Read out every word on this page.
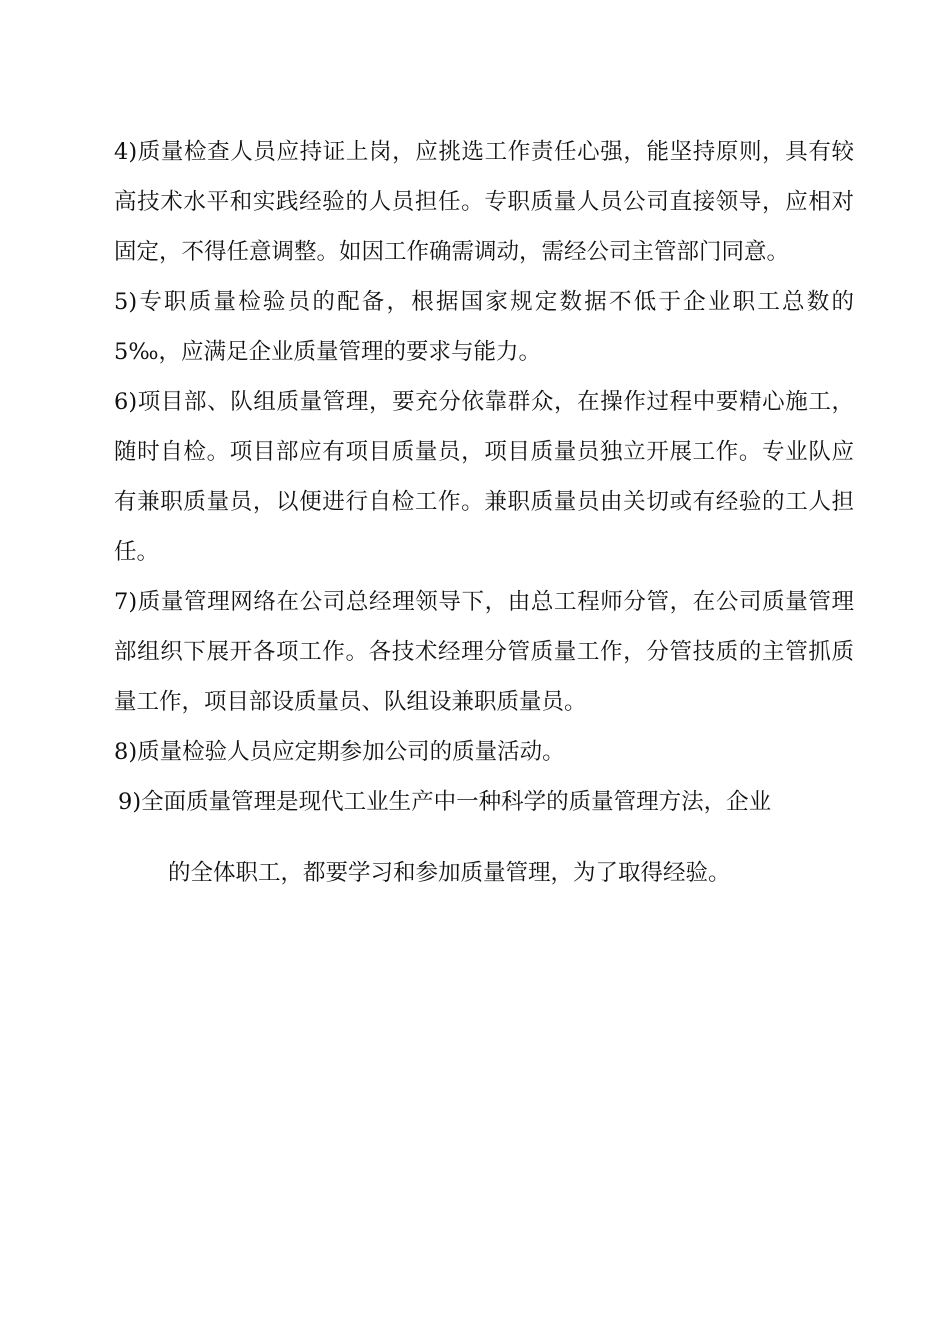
4)质量检查人员应持证上岗，应挑选工作责任心强，能坚持原则，具有较高技术水平和实践经验的人员担任。专职质量人员公司直接领导，应相对固定，不得任意调整。如因工作确需调动，需经公司主管部门同意。

5)专职质量检验员的配备，根据国家规定数据不低于企业职工总数的 5‰，应满足企业质量管理的要求与能力。

6)项目部、队组质量管理，要充分依靠群众，在操作过程中要精心施工，随时自检。项目部应有项目质量员，项目质量员独立开展工作。专业队应有兼职质量员，以便进行自检工作。兼职质量员由关切或有经验的工人担任。

7)质量管理网络在公司总经理领导下，由总工程师分管，在公司质量管理部组织下展开各项工作。各技术经理分管质量工作，分管技质的主管抓质量工作，项目部设质量员、队组设兼职质量员。

8)质量检验人员应定期参加公司的质量活动。

9)全面质量管理是现代工业生产中一种科学的质量管理方法，企业

的全体职工，都要学习和参加质量管理，为了取得经验。
